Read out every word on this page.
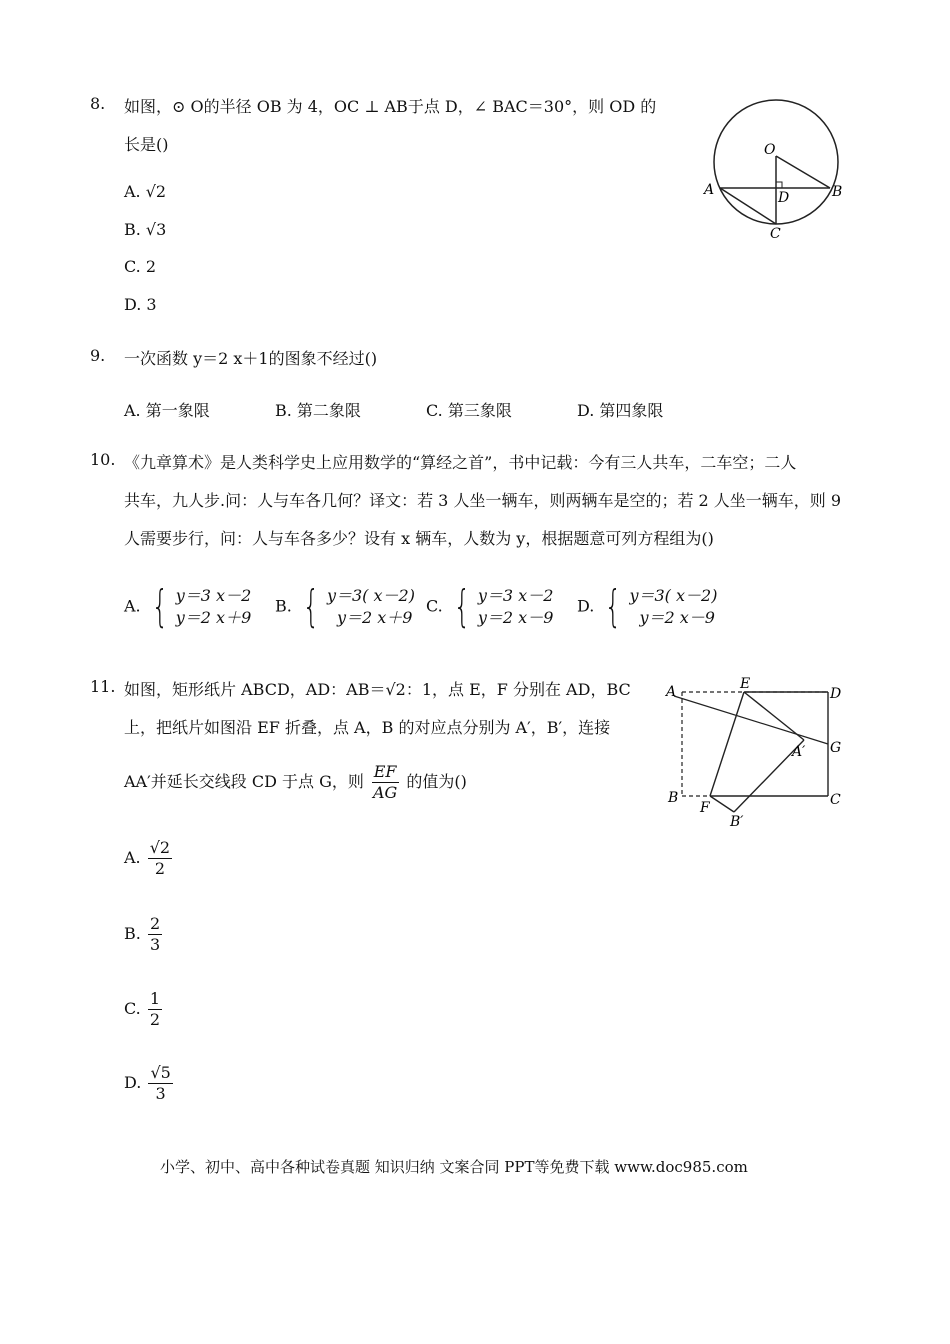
8. 如图，⊙ O的半径 OB 为 4，OC ⊥ AB于点 D，∠ BAC＝30°，则 OD 的
长是()
A. √2
B. √3
C. 2
D. 3
O
A	D	B
C
9. 一次函数 y＝2 x＋1的图象不经过()
A. 第一象限	B. 第二象限	C. 第三象限	D. 第四象限
10. 《九章算术》是人类科学史上应用数学的“算经之首”，书中记载：今有三人共车，二车空；二人
共车，九人步.问：人与车各几何？译文：若 3 人坐一辆车，则两辆车是空的；若 2 人坐一辆车，则 9
人需要步行，问：人与车各多少？设有 x 辆车，人数为 y，根据题意可列方程组为()
A. { y＝3 x－2
y＝2 x＋9
B. { y＝3( x－2)
y＝2 x＋9
C. { y＝3 x－2
y＝2 x－9
D. { y＝3( x－2)
y＝2 x－9
11. 如图，矩形纸片 ABCD，AD：AB＝√2：1，点 E，F 分别在 AD，BC
上，把纸片如图沿 EF 折叠，点 A，B 的对应点分别为 A′，B′，连接
AA′并延长交线段 CD 于点 G，则 $\frac{EF}{AG}$ 的值为()
A. $\frac{√2}{2}$
B. $\frac{2}{3}$
C. $\frac{1}{2}$
D. $\frac{√5}{3}$
A	E
D
A′ G
B
F	C
B′
小学、初中、高中各种试卷真题 知识归纳 文案合同 PPT等免费下载 www.doc985.com
